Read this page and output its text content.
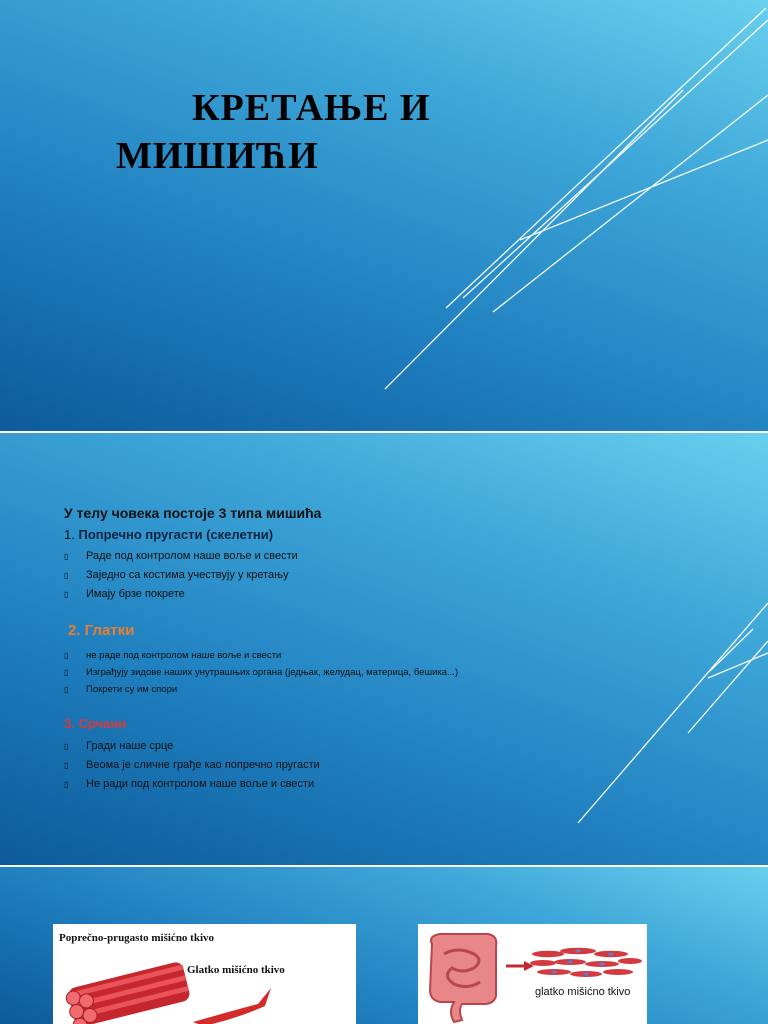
КРЕТАЊЕ И
МИШИЋИ

У телу човека постоје 3 типа мишића

1. Попречно пругасти (скелетни)

▯ Раде под контролом наше воље и свести
▯ Заједно са костима учествују у кретању
▯ Имају брзе покрете

2. Глатки

▯ не раде под контролом наше воље и свести
▯ Изграђују зидове наших унутрашњих органа (једњак, желудац, материца, бешика...)
▯ Покрети су им спори

3. Срчани

▯ Гради наше срце
▯ Веома је сличне грађе као попречно пругасти
▯ Не ради под контролом наше воље и свести
Poprečno-prugasto mišićno tkivo
Glatko mišićno tkivo
glatko mišićno tkivo
